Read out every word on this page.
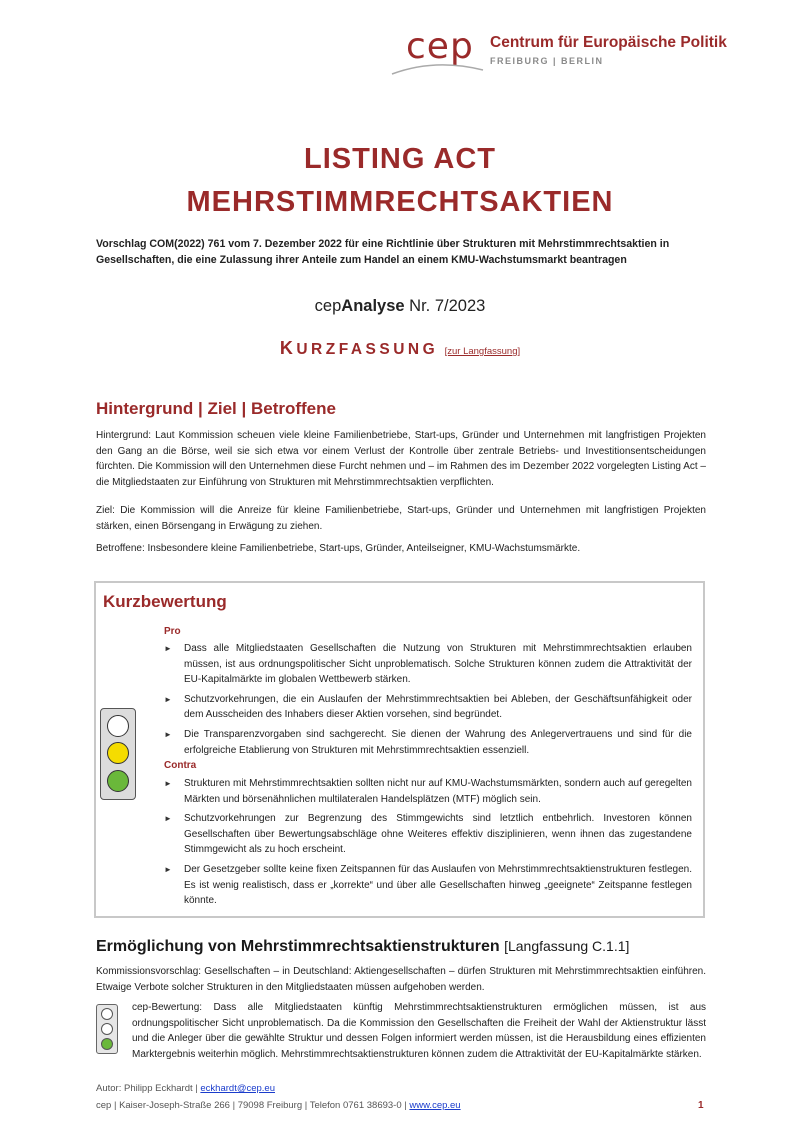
cep Centrum für Europäische Politik
FREIBURG | BERLIN
LISTING ACT
MEHRSTIMMRECHTSAKTIEN
Vorschlag COM(2022) 761 vom 7. Dezember 2022 für eine Richtlinie über Strukturen mit Mehrstimmrechtsaktien in Gesellschaften, die eine Zulassung ihrer Anteile zum Handel an einem KMU-Wachstumsmarkt beantragen
cepAnalyse Nr. 7/2023
KURZFASSUNG [zur Langfassung]
Hintergrund | Ziel | Betroffene

Hintergrund: Laut Kommission scheuen viele kleine Familienbetriebe, Start-ups, Gründer und Unternehmen mit langfristigen Projekten den Gang an die Börse, weil sie sich etwa vor einem Verlust der Kontrolle über zentrale Betriebs- und Investitionsentscheidungen fürchten. Die Kommission will den Unternehmen diese Furcht nehmen und – im Rahmen des im Dezember 2022 vorgelegten Listing Act – die Mitgliedstaaten zur Einführung von Strukturen mit Mehrstimmrechtsaktien verpflichten.

Ziel: Die Kommission will die Anreize für kleine Familienbetriebe, Start-ups, Gründer und Unternehmen mit langfristigen Projekten stärken, einen Börsengang in Erwägung zu ziehen.

Betroffene: Insbesondere kleine Familienbetriebe, Start-ups, Gründer, Anteilseigner, KMU-Wachstumsmärkte.

Kurzbewertung
Pro
► Dass alle Mitgliedstaaten Gesellschaften die Nutzung von Strukturen mit Mehrstimmrechtsaktien erlauben müssen, ist aus ordnungspolitischer Sicht unproblematisch. Solche Strukturen können zudem die Attraktivität der EU-Kapitalmärkte im globalen Wettbewerb stärken.
► Schutzvorkehrungen, die ein Auslaufen der Mehrstimmrechtsaktien bei Ableben, der Geschäftsunfähigkeit oder dem Ausscheiden des Inhabers dieser Aktien vorsehen, sind begründet.
► Die Transparenzvorgaben sind sachgerecht. Sie dienen der Wahrung des Anlegervertrauens und sind für die erfolgreiche Etablierung von Strukturen mit Mehrstimmrechtsaktien essenziell.
Contra
► Strukturen mit Mehrstimmrechtsaktien sollten nicht nur auf KMU-Wachstumsmärkten, sondern auch auf geregelten Märkten und börsenähnlichen multilateralen Handelsplätzen (MTF) möglich sein.
► Schutzvorkehrungen zur Begrenzung des Stimmgewichts sind letztlich entbehrlich. Investoren können Gesellschaften über Bewertungsabschläge ohne Weiteres effektiv disziplinieren, wenn ihnen das zugestandene Stimmgewicht als zu hoch erscheint.
► Der Gesetzgeber sollte keine fixen Zeitspannen für das Auslaufen von Mehrstimmrechtsaktienstrukturen festlegen. Es ist wenig realistisch, dass er „korrekte“ und über alle Gesellschaften hinweg „geeignete“ Zeitspanne festlegen könnte.
Ermöglichung von Mehrstimmrechtsaktienstrukturen [Langfassung C.1.1]

Kommissionsvorschlag: Gesellschaften – in Deutschland: Aktiengesellschaften – dürfen Strukturen mit Mehrstimmrechtsaktien einführen. Etwaige Verbote solcher Strukturen in den Mitgliedstaaten müssen aufgehoben werden.

cep-Bewertung: Dass alle Mitgliedstaaten künftig Mehrstimmrechtsaktienstrukturen ermöglichen müssen, ist aus ordnungspolitischer Sicht unproblematisch. Da die Kommission den Gesellschaften die Freiheit der Wahl der Aktienstruktur lässt und die Anleger über die gewählte Struktur und dessen Folgen informiert werden müssen, ist die Herausbildung eines effizienten Marktergebnis weiterhin möglich. Mehrstimmrechtsaktienstrukturen können zudem die Attraktivität der EU-Kapitalmärkte stärken.

Autor: Philipp Eckhardt | eckhardt@cep.eu
cep | Kaiser-Joseph-Straße 266 | 79098 Freiburg | Telefon 0761 38693-0 | www.cep.eu	1
